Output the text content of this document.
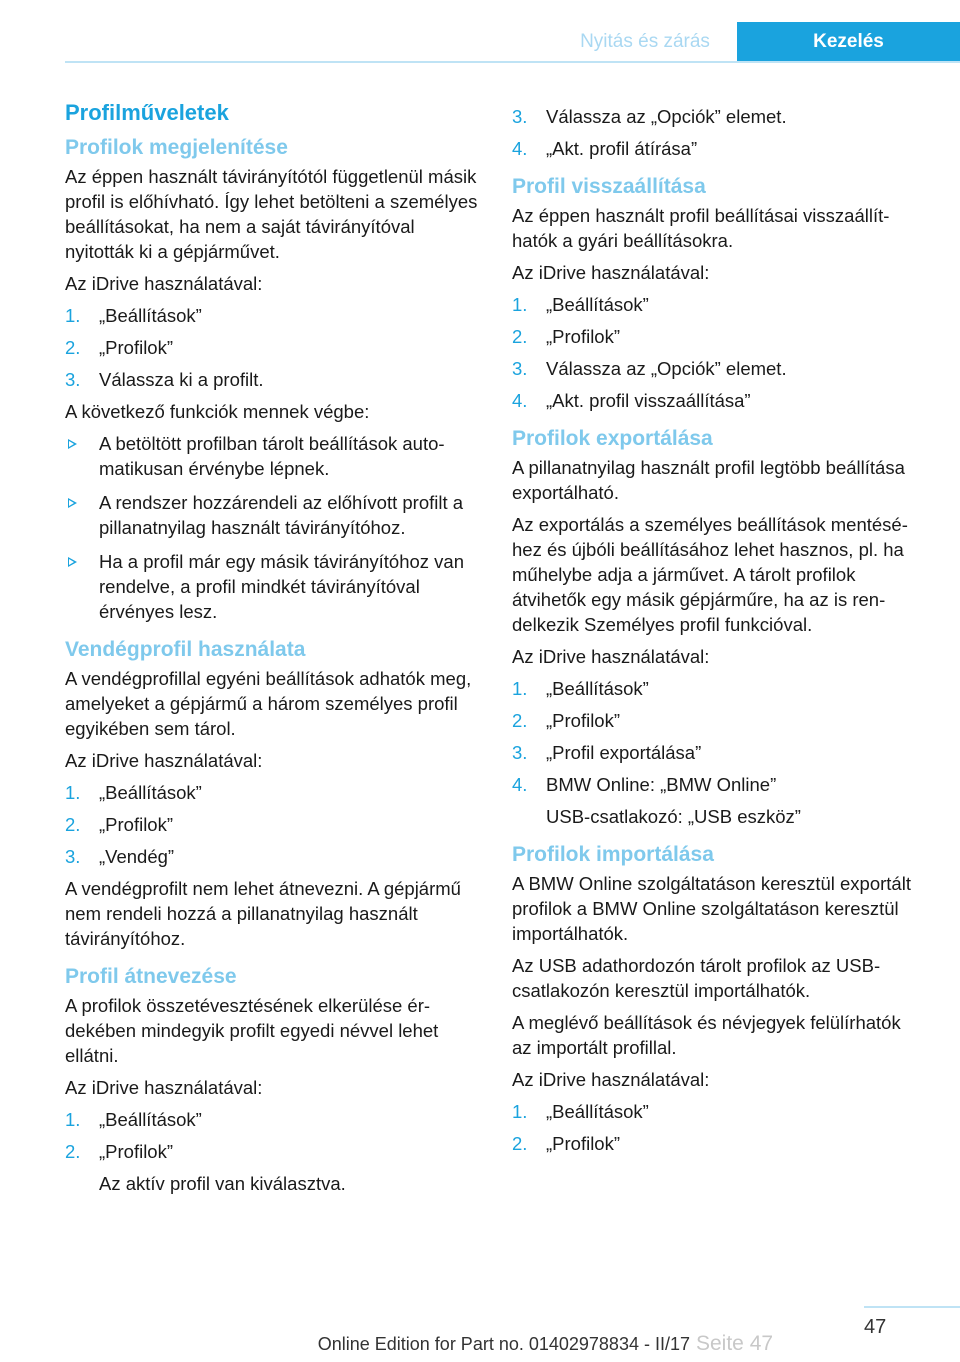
Nyitás és zárás	Kezelés
Profilműveletek
Profilok megjelenítése

Az éppen használt távirányítótól függetlenül másik profil is előhívható. Így lehet betölteni a személyes beállításokat, ha nem a saját távirányítóval nyitották ki a gépjárművet.

Az iDrive használatával:

1. „Beállítások”
2. „Profilok”
3. Válassza ki a profilt.

A következő funkciók mennek végbe:

A betöltött profilban tárolt beállítások automatikusan érvénybe lépnek.
A rendszer hozzárendeli az előhívott profilt a pillanatnyilag használt távirányítóhoz.
Ha a profil már egy másik távirányítóhoz van rendelve, a profil mindkét távirányítóval érvényes lesz.
Vendégprofil használata

A vendégprofillal egyéni beállítások adhatók meg, amelyeket a gépjármű a három személyes profil egyikében sem tárol.

Az iDrive használatával:

1. „Beállítások”
2. „Profilok”
3. „Vendég”

A vendégprofilt nem lehet átnevezni. A gépjármű nem rendeli hozzá a pillanatnyilag használt távirányítóhoz.

Profil átnevezése

A profilok összetévesztésének elkerülése érdekében mindegyik profilt egyedi névvel lehet ellátni.

Az iDrive használatával:

1. „Beállítások”
2. „Profilok”
Az aktív profil van kiválasztva.
3. Válassza az „Opciók” elemet.
4. „Akt. profil átírása”
Profil visszaállítása

Az éppen használt profil beállításai visszaállíthatók a gyári beállításokra.

Az iDrive használatával:

1. „Beállítások”
2. „Profilok”
3. Válassza az „Opciók” elemet.
4. „Akt. profil visszaállítása”
Profilok exportálása

A pillanatnyilag használt profil legtöbb beállítása exportálható.

Az exportálás a személyes beállítások mentéséhez és újbóli beállításához lehet hasznos, pl. ha műhelybe adja a járművet. A tárolt profilok átvihetők egy másik gépjárműre, ha az is rendelkezik Személyes profil funkcióval.

Az iDrive használatával:

1. „Beállítások”
2. „Profilok”
3. „Profil exportálása”
4. BMW Online: „BMW Online”
USB-csatlakozó: „USB eszköz”
Profilok importálása

A BMW Online szolgáltatáson keresztül exportált profilok a BMW Online szolgáltatáson keresztül importálhatók.

Az USB adathordozón tárolt profilok az USB-csatlakozón keresztül importálhatók.

A meglévő beállítások és névjegyek felülírhatók az importált profillal.

Az iDrive használatával:

1. „Beállítások”
2. „Profilok”
47
Online Edition for Part no. 01402978834 - II/17 Seite 47
